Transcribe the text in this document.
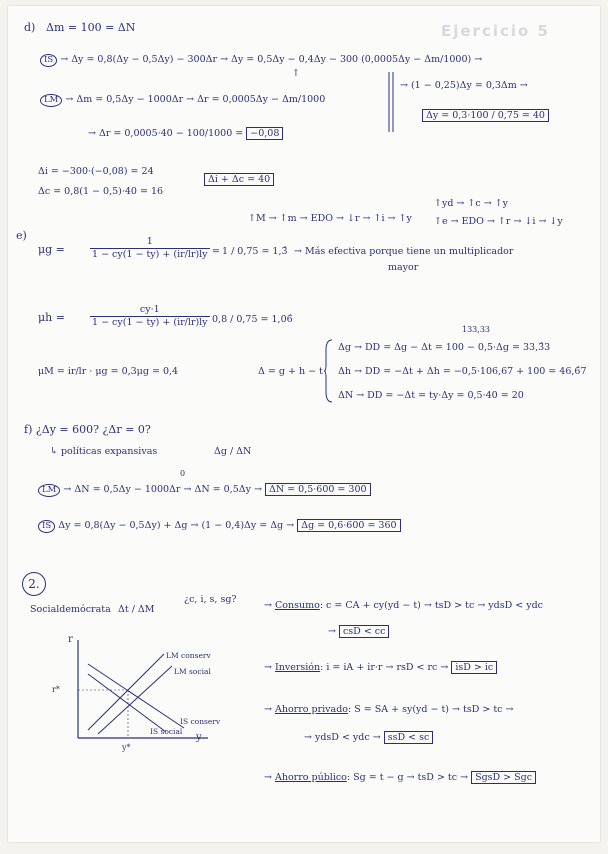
Ejercicio 5
d) Δm = 100 = ΔN
IS → Δy = 0,8(Δy − 0,5Δy) − 300Δr → Δy = 0,5Δy − 0,4Δy − 300 (0,0005Δy − Δm/1000) →
↑
LM → Δm = 0,5Δy − 1000Δr → Δr = 0,0005Δy − Δm/1000
→ (1 − 0,25)Δy = 0,3Δm →
Δy = 0,3·100 / 0,75 = 40
→ Δr = 0,0005·40 − 100/1000 = −0,08
Δi = −300·(−0,08) = 24
Δc = 0,8(1 − 0,5)·40 = 16
Δi + Δc = 40
↑M → ↑m → EDO → ↓r → ↑i → ↑y
↑yd → ↑c → ↑y
↑e → EDO → ↑r → ↓i → ↓y
e)
μg =	$\frac{1}{1 - cy(1 - ty) + (ir/lr)ly} = 1 / 0,75$ = 1,3̂ → Más efectiva porque tiene un multiplicador
mayor
μh =	$\frac{cy\cdot 1}{1 - cy(1 - ty) + (ir/lr)ly} 0,8 / 0,75$ = 1,06̂
μM = ir/lr · μg = 0,3μg = 0,4	Δ = g + h − t
133,33
Δg → DD = Δg − Δt = 100 − 0,5·Δg = 33,3̂3
Δh → DD = −Δt + Δh = −0,5·106,67 + 100 = 46,6̂7
ΔN → DD = −Δt = ty·Δy = 0,5·40 = 20
f) ¿Δy = 600? ¿Δr = 0?
↳ políticas expansivas	Δg / ΔN
0
LM → ΔN = 0,5Δy − 1000Δr → ΔN = 0,5Δy → ΔN = 0,5·600 = 300
IS Δy = 0,8(Δy − 0,5Δy) + Δg → (1 − 0,4)Δy = Δg → Δg = 0,6·600 = 360
2.
Socialdemócrata Δt / ΔM
¿c, i, s, sg?
→ Consumo: c = CA + cy(yd − t) → tsD > tc → ydsD < ydc
→ csD < cc
→ Inversión: i = iA + ir·r → rsD < rc → isD > ic
→ Ahorro privado: S = SA + sy(yd − t) → tsD > tc →
→ ydsD < ydc → ssD < sc
→ Ahorro público: Sg = t − g → tsD > tc → SgsD > Sgc
r
y
r*
y*
LM conserv
LM social
IS conserv
IS social
